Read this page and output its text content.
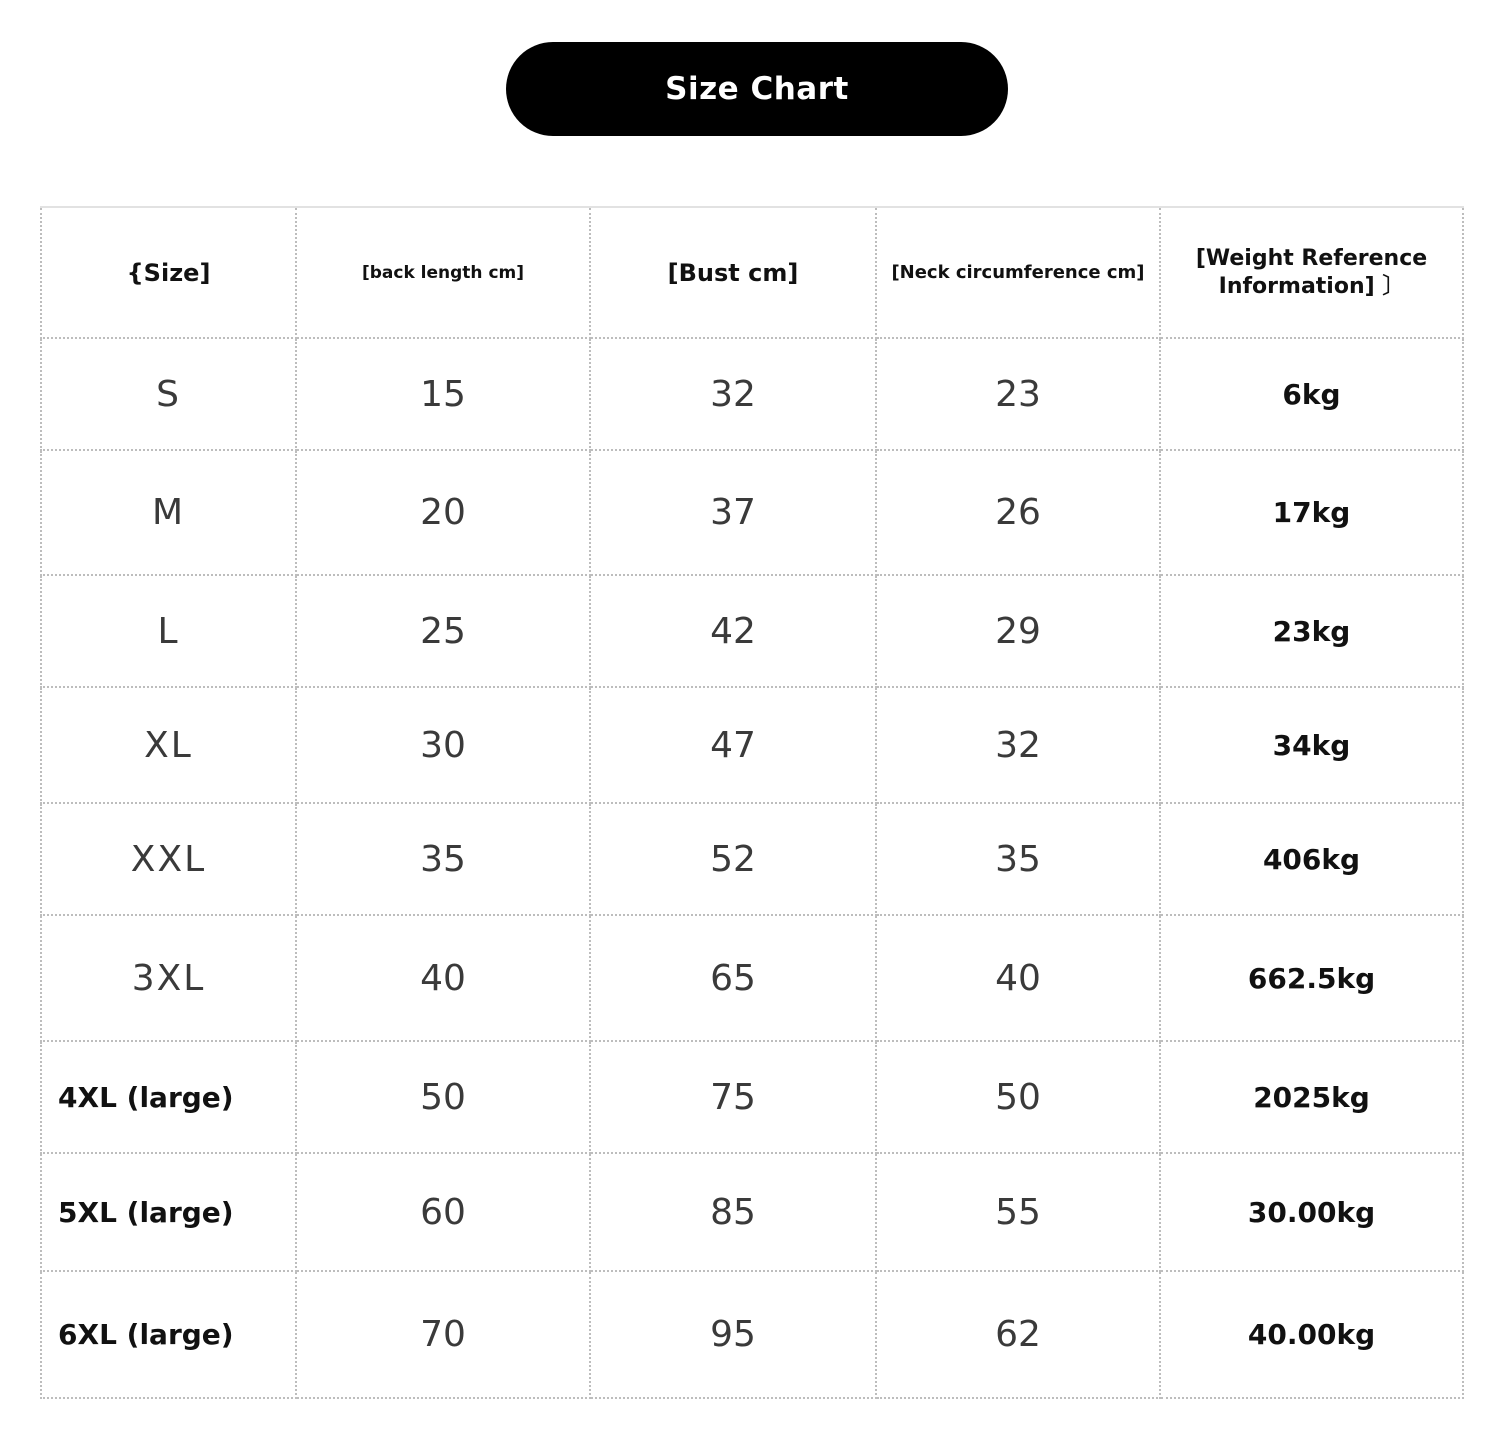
Size Chart
{Size]	[back length cm]	[Bust cm]	[Neck circumference cm]	[Weight Reference
Information] 〕
S	15	32	23	6kg
M	20	37	26	17kg
L	25	42	29	23kg
XL	30	47	32	34kg
XXL	35	52	35	406kg
3XL	40	65	40	662.5kg
4XL (large)	50	75	50	2025kg
5XL (large)	60	85	55	30.00kg
6XL (large)	70	95	62	40.00kg
